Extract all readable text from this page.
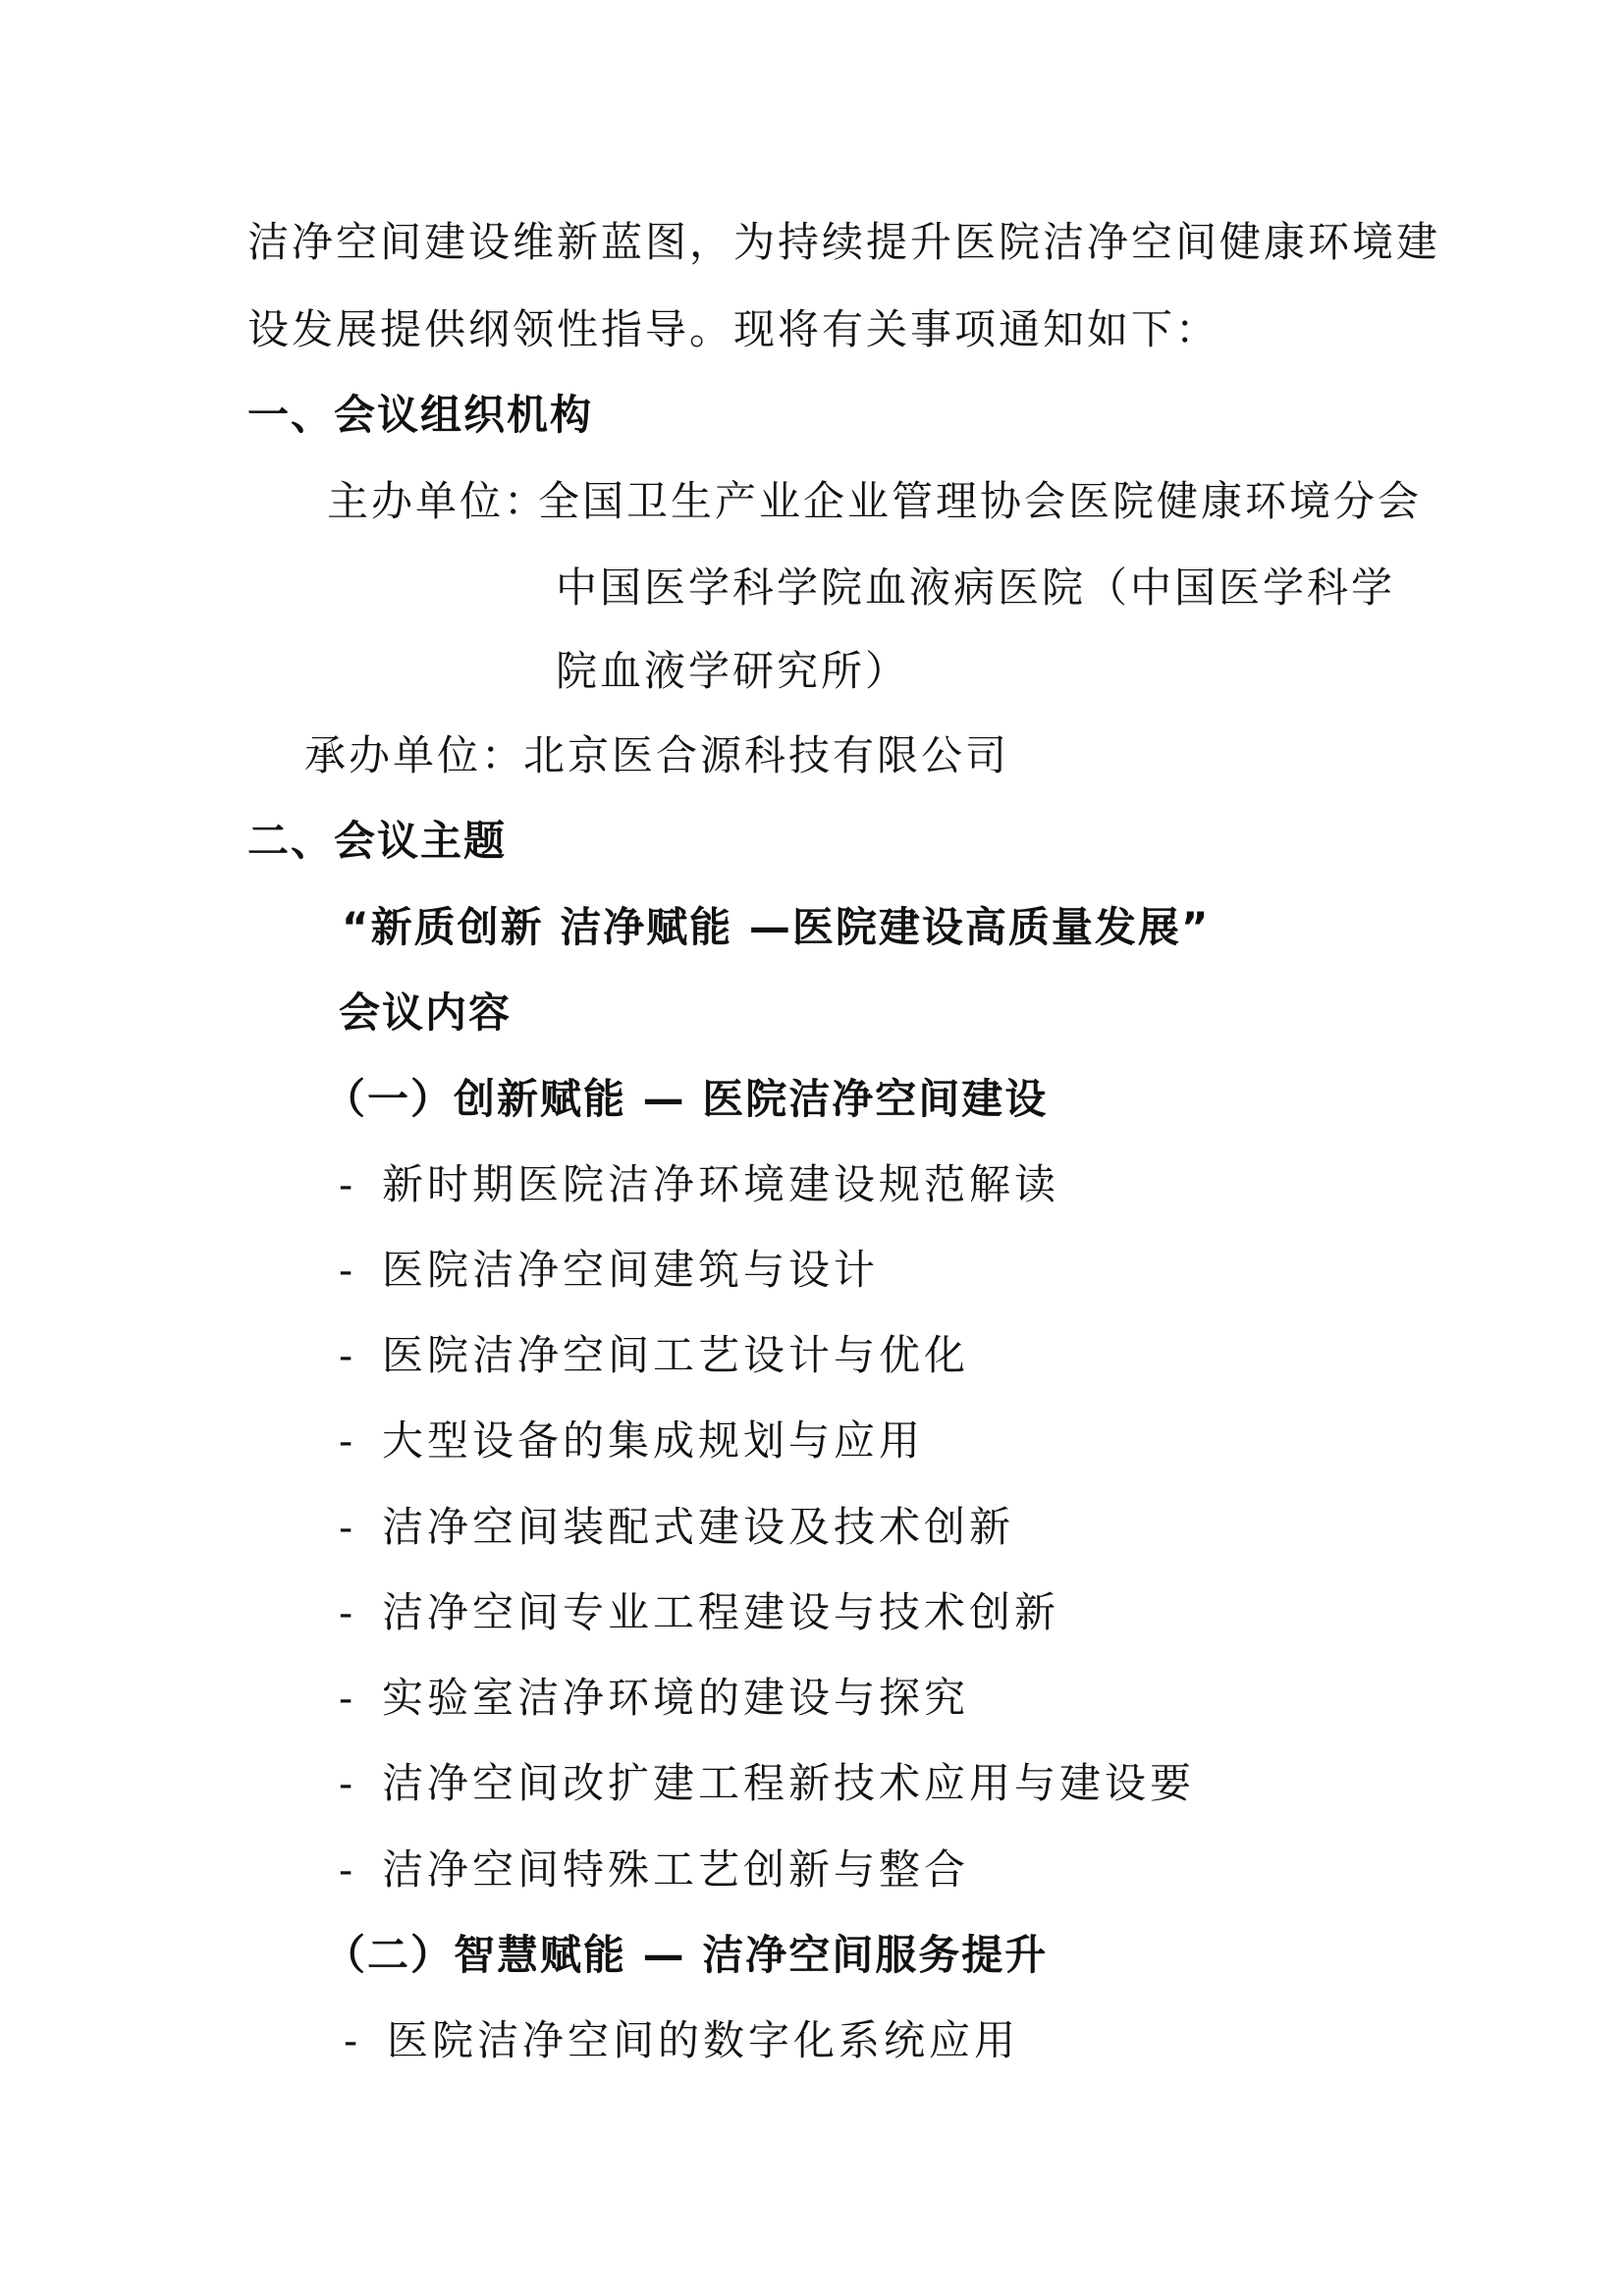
洁净空间建设维新蓝图，为持续提升医院洁净空间健康环境建
设发展提供纲领性指导。现将有关事项通知如下：
一、会议组织机构
主办单位：
全国卫生产业企业管理协会医院健康环境分会
中国医学科学院血液病医院（中国医学科学
院血液学研究所）
承办单位：
北京医合源科技有限公司
二、会议主题
“新质创新 洁净赋能 —医院建设高质量发展”
会议内容
（一）创新赋能 — 医院洁净空间建设
- 新时期医院洁净环境建设规范解读
- 医院洁净空间建筑与设计
- 医院洁净空间工艺设计与优化
- 大型设备的集成规划与应用
- 洁净空间装配式建设及技术创新
- 洁净空间专业工程建设与技术创新
- 实验室洁净环境的建设与探究
- 洁净空间改扩建工程新技术应用与建设要
- 洁净空间特殊工艺创新与整合
（二）智慧赋能 — 洁净空间服务提升
- 医院洁净空间的数字化系统应用
